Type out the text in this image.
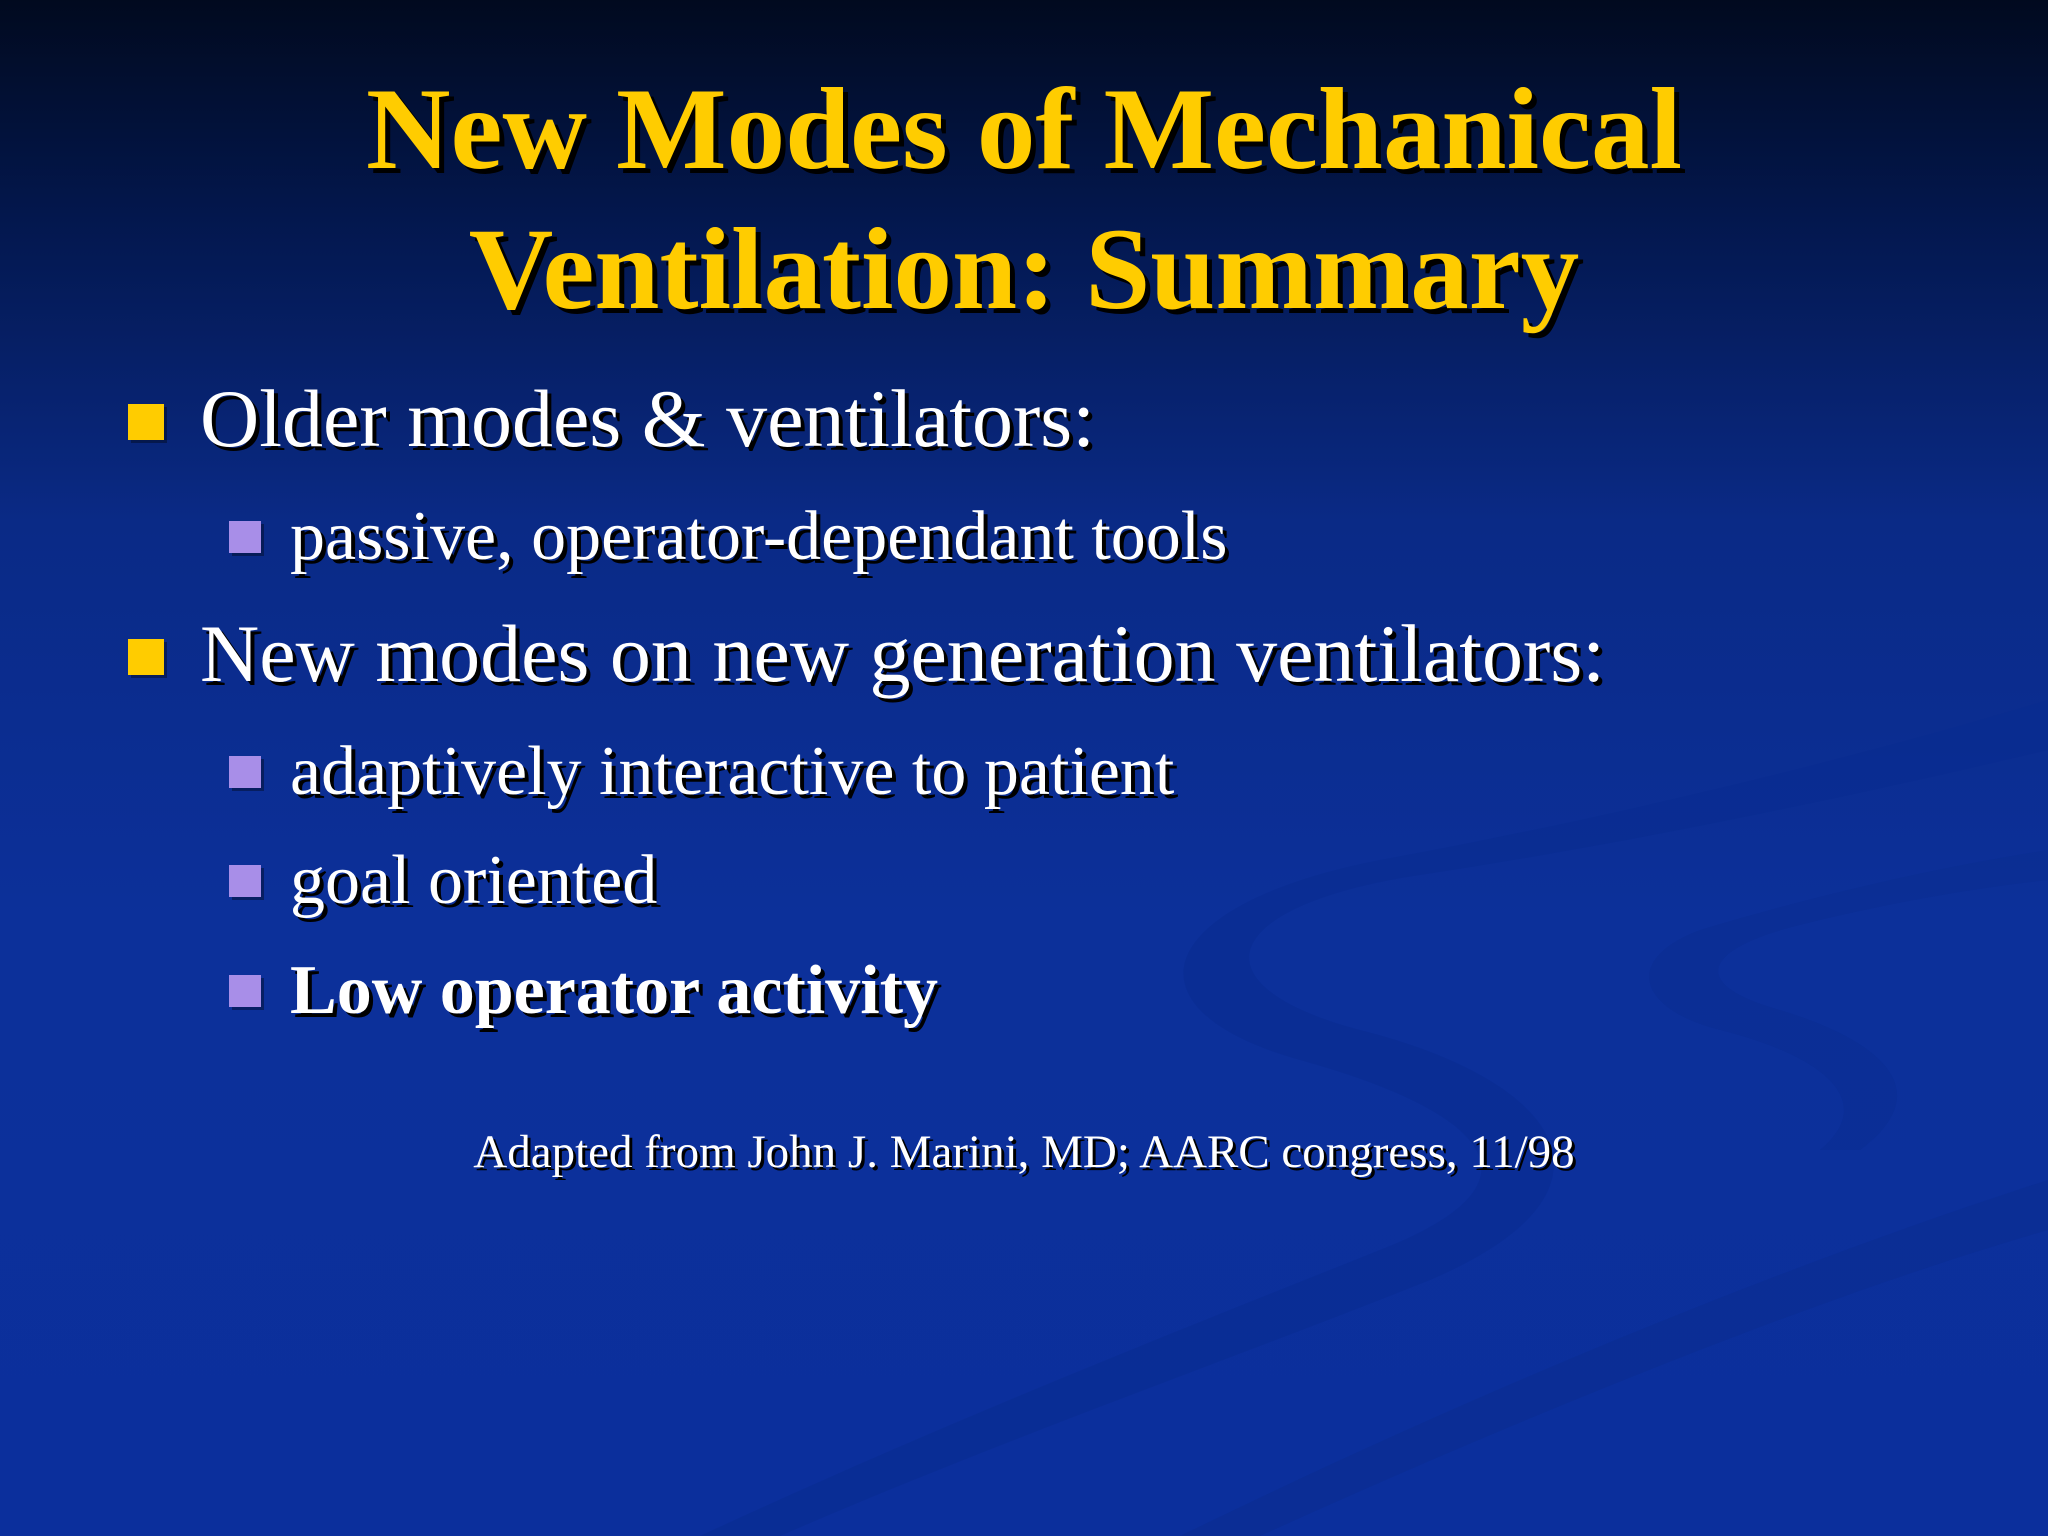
New Modes of Mechanical
Ventilation: Summary
Older modes & ventilators:
passive, operator-dependant tools
New modes on new generation ventilators:
adaptively interactive to patient
goal oriented
Low operator activity
Adapted from John J. Marini, MD; AARC congress, 11/98
